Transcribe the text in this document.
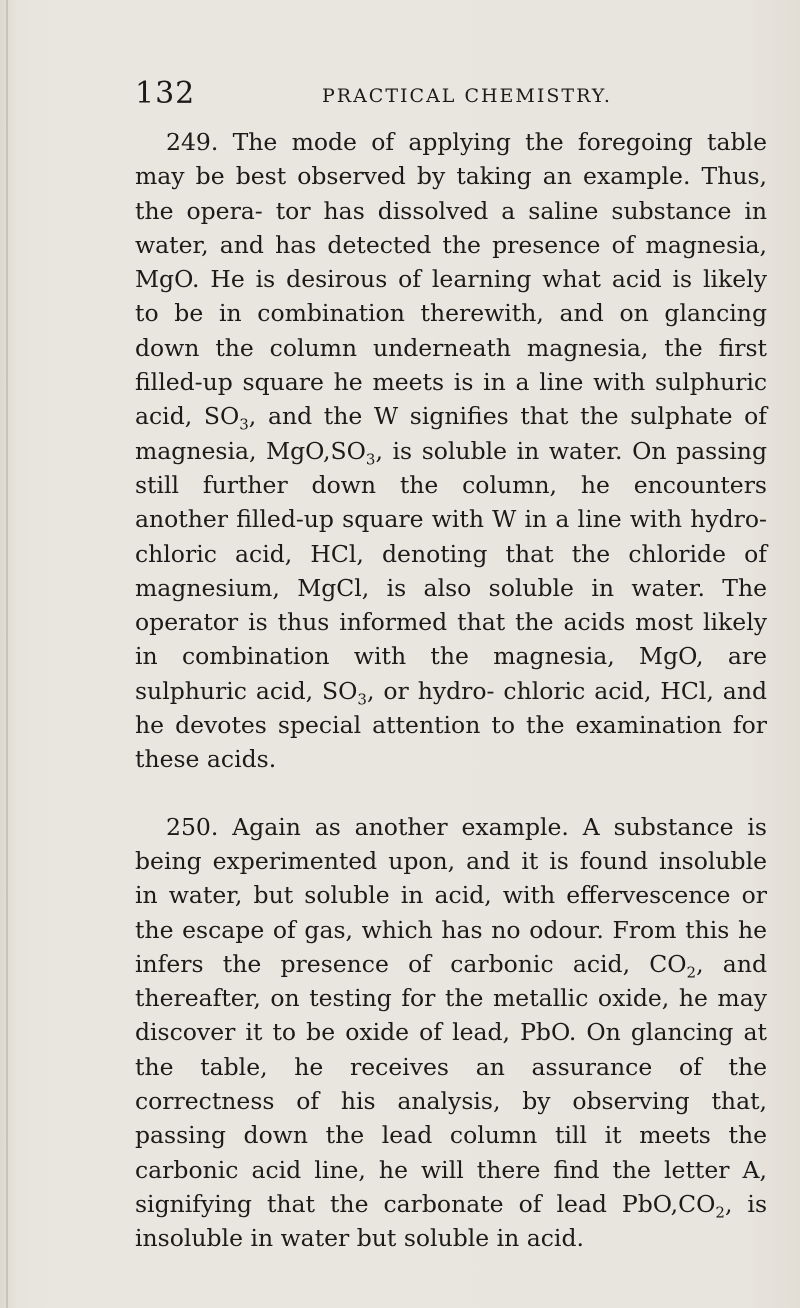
132	PRACTICAL CHEMISTRY.

249. The mode of applying the foregoing table may be best observed by taking an example. Thus, the opera- tor has dissolved a saline substance in water, and has detected the presence of magnesia, MgO. He is desirous of learning what acid is likely to be in combination therewith, and on glancing down the column underneath magnesia, the first filled-up square he meets is in a line with sulphuric acid, $SO_3$, and the W signifies that the sulphate of magnesia, $MgO,SO_3$, is soluble in water. On passing still further down the column, he encounters another filled-up square with W in a line with hydro- chloric acid, HCl, denoting that the chloride of magnesium, MgCl, is also soluble in water. The operator is thus informed that the acids most likely in combination with the magnesia, MgO, are sulphuric acid, $SO_3$, or hydro- chloric acid, HCl, and he devotes special attention to the examination for these acids.

250. Again as another example. A substance is being experimented upon, and it is found insoluble in water, but soluble in acid, with effervescence or the escape of gas, which has no odour. From this he infers the presence of carbonic acid, $CO_2$, and thereafter, on testing for the metallic oxide, he may discover it to be oxide of lead, PbO. On glancing at the table, he receives an assurance of the correctness of his analysis, by observing that, passing down the lead column till it meets the carbonic acid line, he will there find the letter A, signifying that the carbonate of lead $PbO,CO_2$, is insoluble in water but soluble in acid.
